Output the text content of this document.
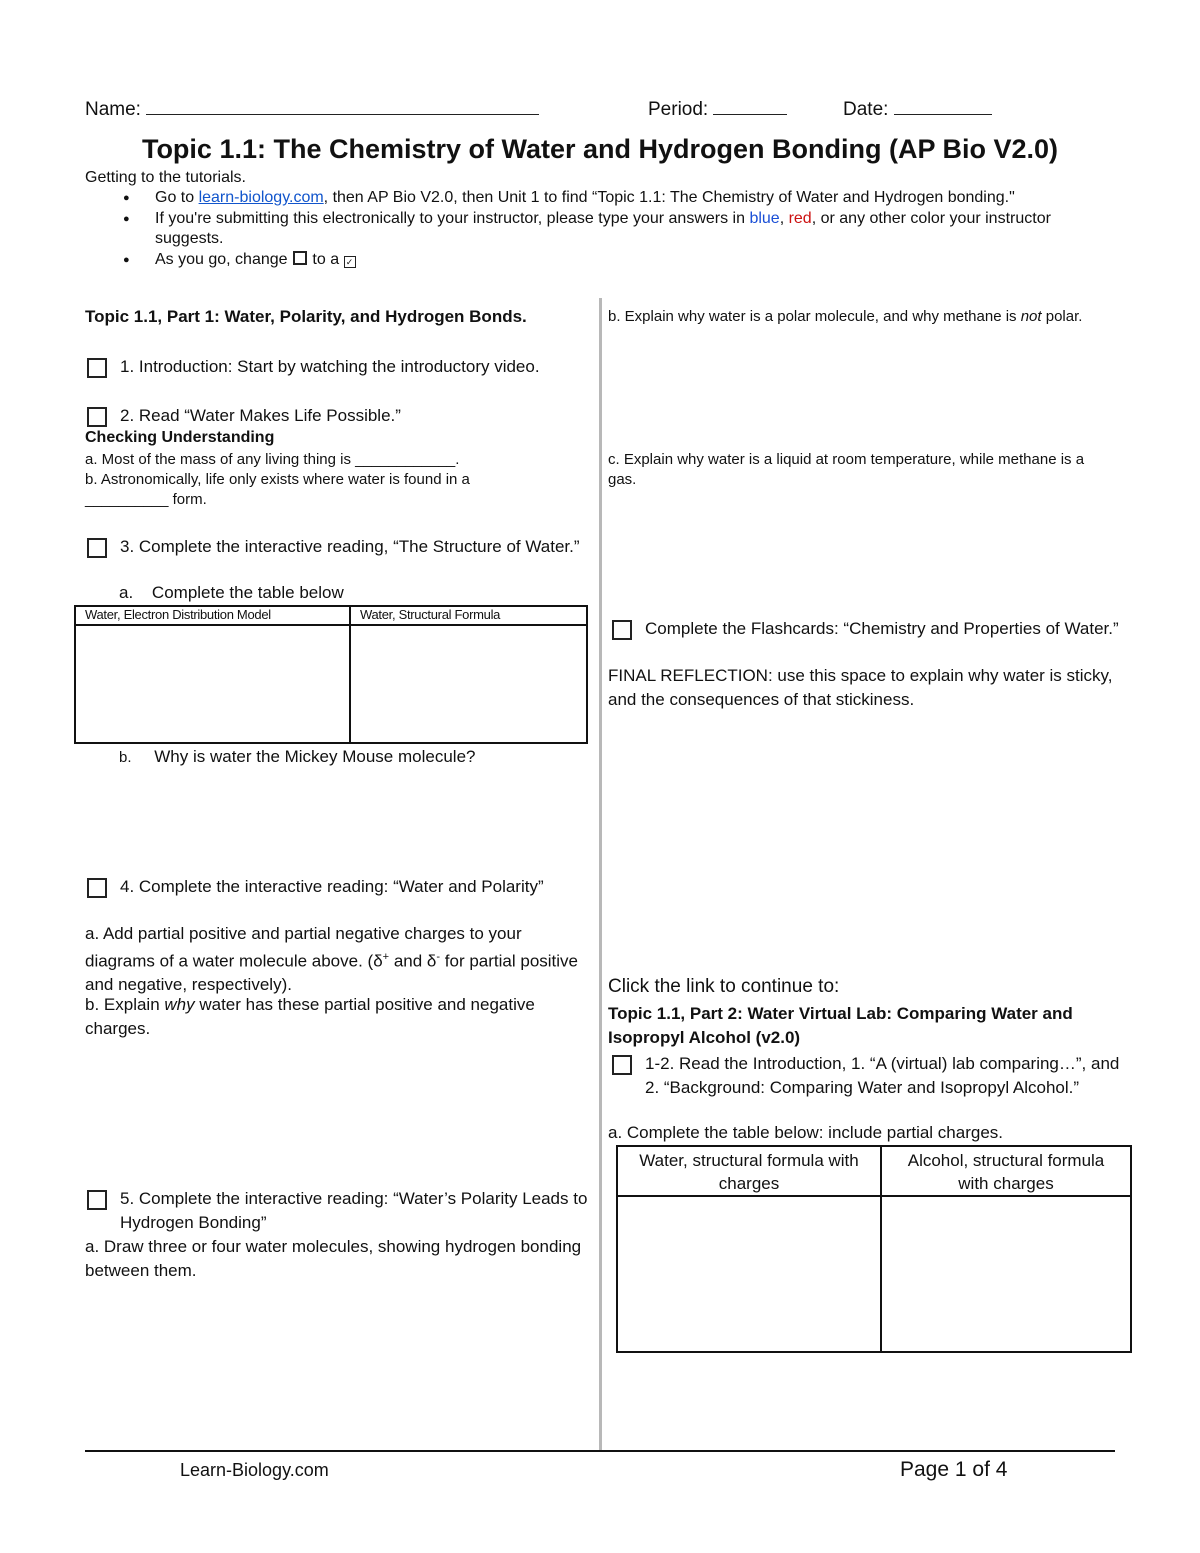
Name:	Period:	Date:
Topic 1.1: The Chemistry of Water and Hydrogen Bonding (AP Bio V2.0)
Getting to the tutorials.
● Go to learn-biology.com, then AP Bio V2.0, then Unit 1 to find “Topic 1.1: The Chemistry of Water and Hydrogen bonding."
● If you're submitting this electronically to your instructor, please type your answers in blue, red, or any other color your instructor suggests.
● As you go, change  to a ✓
Topic 1.1, Part 1: Water, Polarity, and Hydrogen Bonds.
1. Introduction: Start by watching the introductory video.
2. Read “Water Makes Life Possible.”
Checking Understanding
a. Most of the mass of any living thing is ____________.
b. Astronomically, life only exists where water is found in a __________ form.
3. Complete the interactive reading, “The Structure of Water.”
a. Complete the table below
Water, Electron Distribution Model	Water, Structural Formula

b. Why is water the Mickey Mouse molecule?
4. Complete the interactive reading: “Water and Polarity”
a. Add partial positive and partial negative charges to your diagrams of a water molecule above. (δ+ and δ- for partial positive and negative, respectively).
b. Explain why water has these partial positive and negative charges.
5. Complete the interactive reading: “Water’s Polarity Leads to Hydrogen Bonding”
a. Draw three or four water molecules, showing hydrogen bonding between them.
b. Explain why water is a polar molecule, and why methane is not polar.
c. Explain why water is a liquid at room temperature, while methane is a gas.
Complete the Flashcards: “Chemistry and Properties of Water.”
FINAL REFLECTION: use this space to explain why water is sticky, and the consequences of that stickiness.
Click the link to continue to:
Topic 1.1, Part 2: Water Virtual Lab: Comparing Water and Isopropyl Alcohol (v2.0)
1-2. Read the Introduction, 1. “A (virtual) lab comparing…”, and 2. “Background: Comparing Water and Isopropyl Alcohol.”
a. Complete the table below: include partial charges.
Water, structural formula with charges	Alcohol, structural formula with charges

Learn-Biology.com	Page 1 of 4
